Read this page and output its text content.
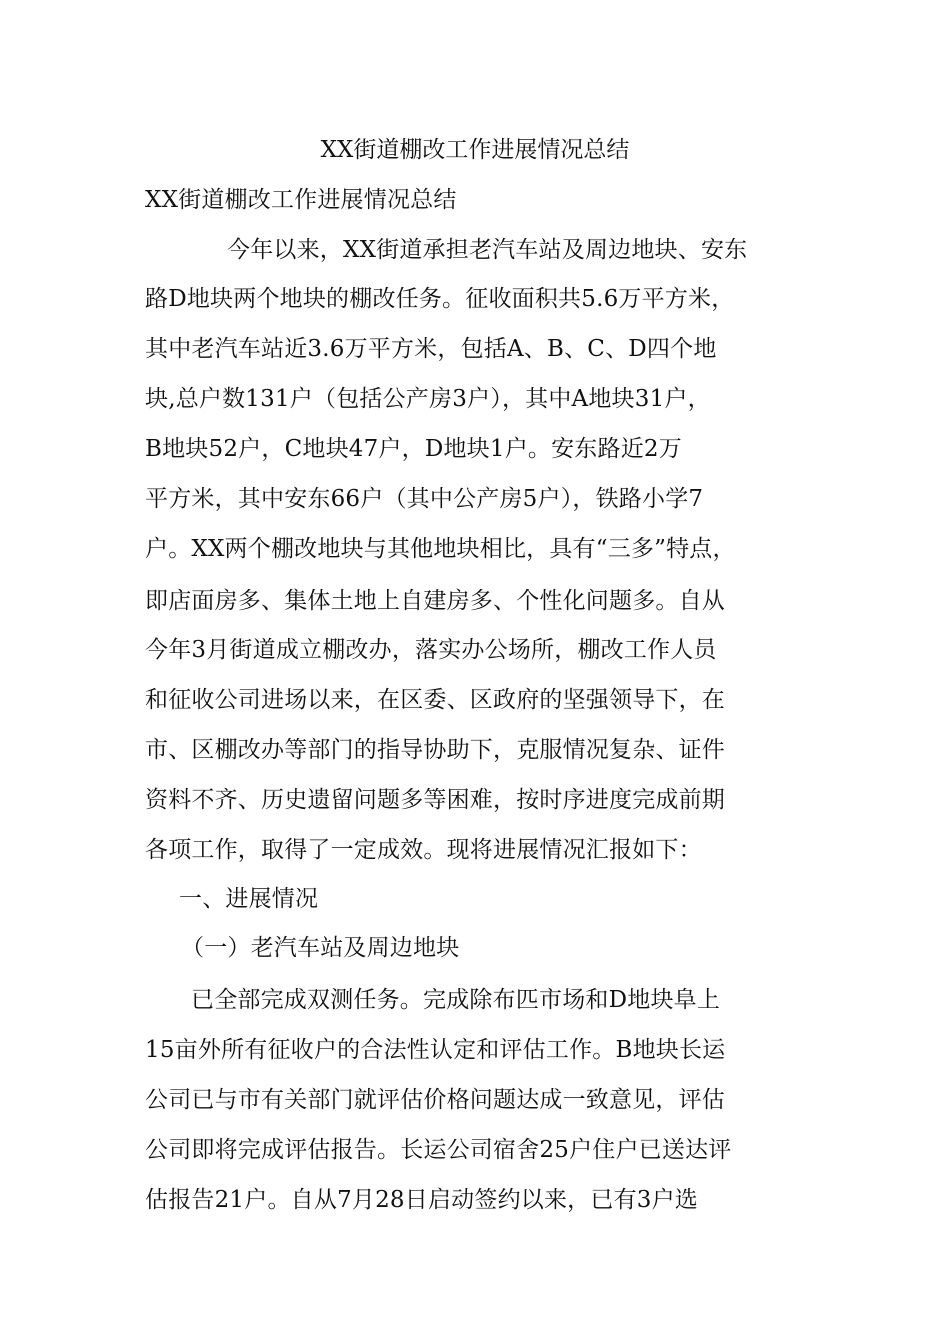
XX街道棚改工作进展情况总结
XX街道棚改工作进展情况总结
今年以来，XX街道承担老汽车站及周边地块、安东
路D地块两个地块的棚改任务。征收面积共5.6万平方米，
其中老汽车站近3.6万平方米，包括A、B、C、D四个地
块,总户数131户（包括公产房3户），其中A地块31户，
B地块52户，C地块47户，D地块1户。安东路近2万
平方米，其中安东66户（其中公产房5户），铁路小学7
户。XX两个棚改地块与其他地块相比，具有“三多”特点，
即店面房多、集体土地上自建房多、个性化问题多。自从
今年3月街道成立棚改办，落实办公场所，棚改工作人员
和征收公司进场以来，在区委、区政府的坚强领导下，在
市、区棚改办等部门的指导协助下，克服情况复杂、证件
资料不齐、历史遗留问题多等困难，按时序进度完成前期
各项工作，取得了一定成效。现将进展情况汇报如下：
一、进展情况
（一）老汽车站及周边地块
已全部完成双测任务。完成除布匹市场和D地块阜上
15亩外所有征收户的合法性认定和评估工作。B地块长运
公司已与市有关部门就评估价格问题达成一致意见，评估
公司即将完成评估报告。长运公司宿舍25户住户已送达评
估报告21户。自从7月28日启动签约以来，已有3户选
